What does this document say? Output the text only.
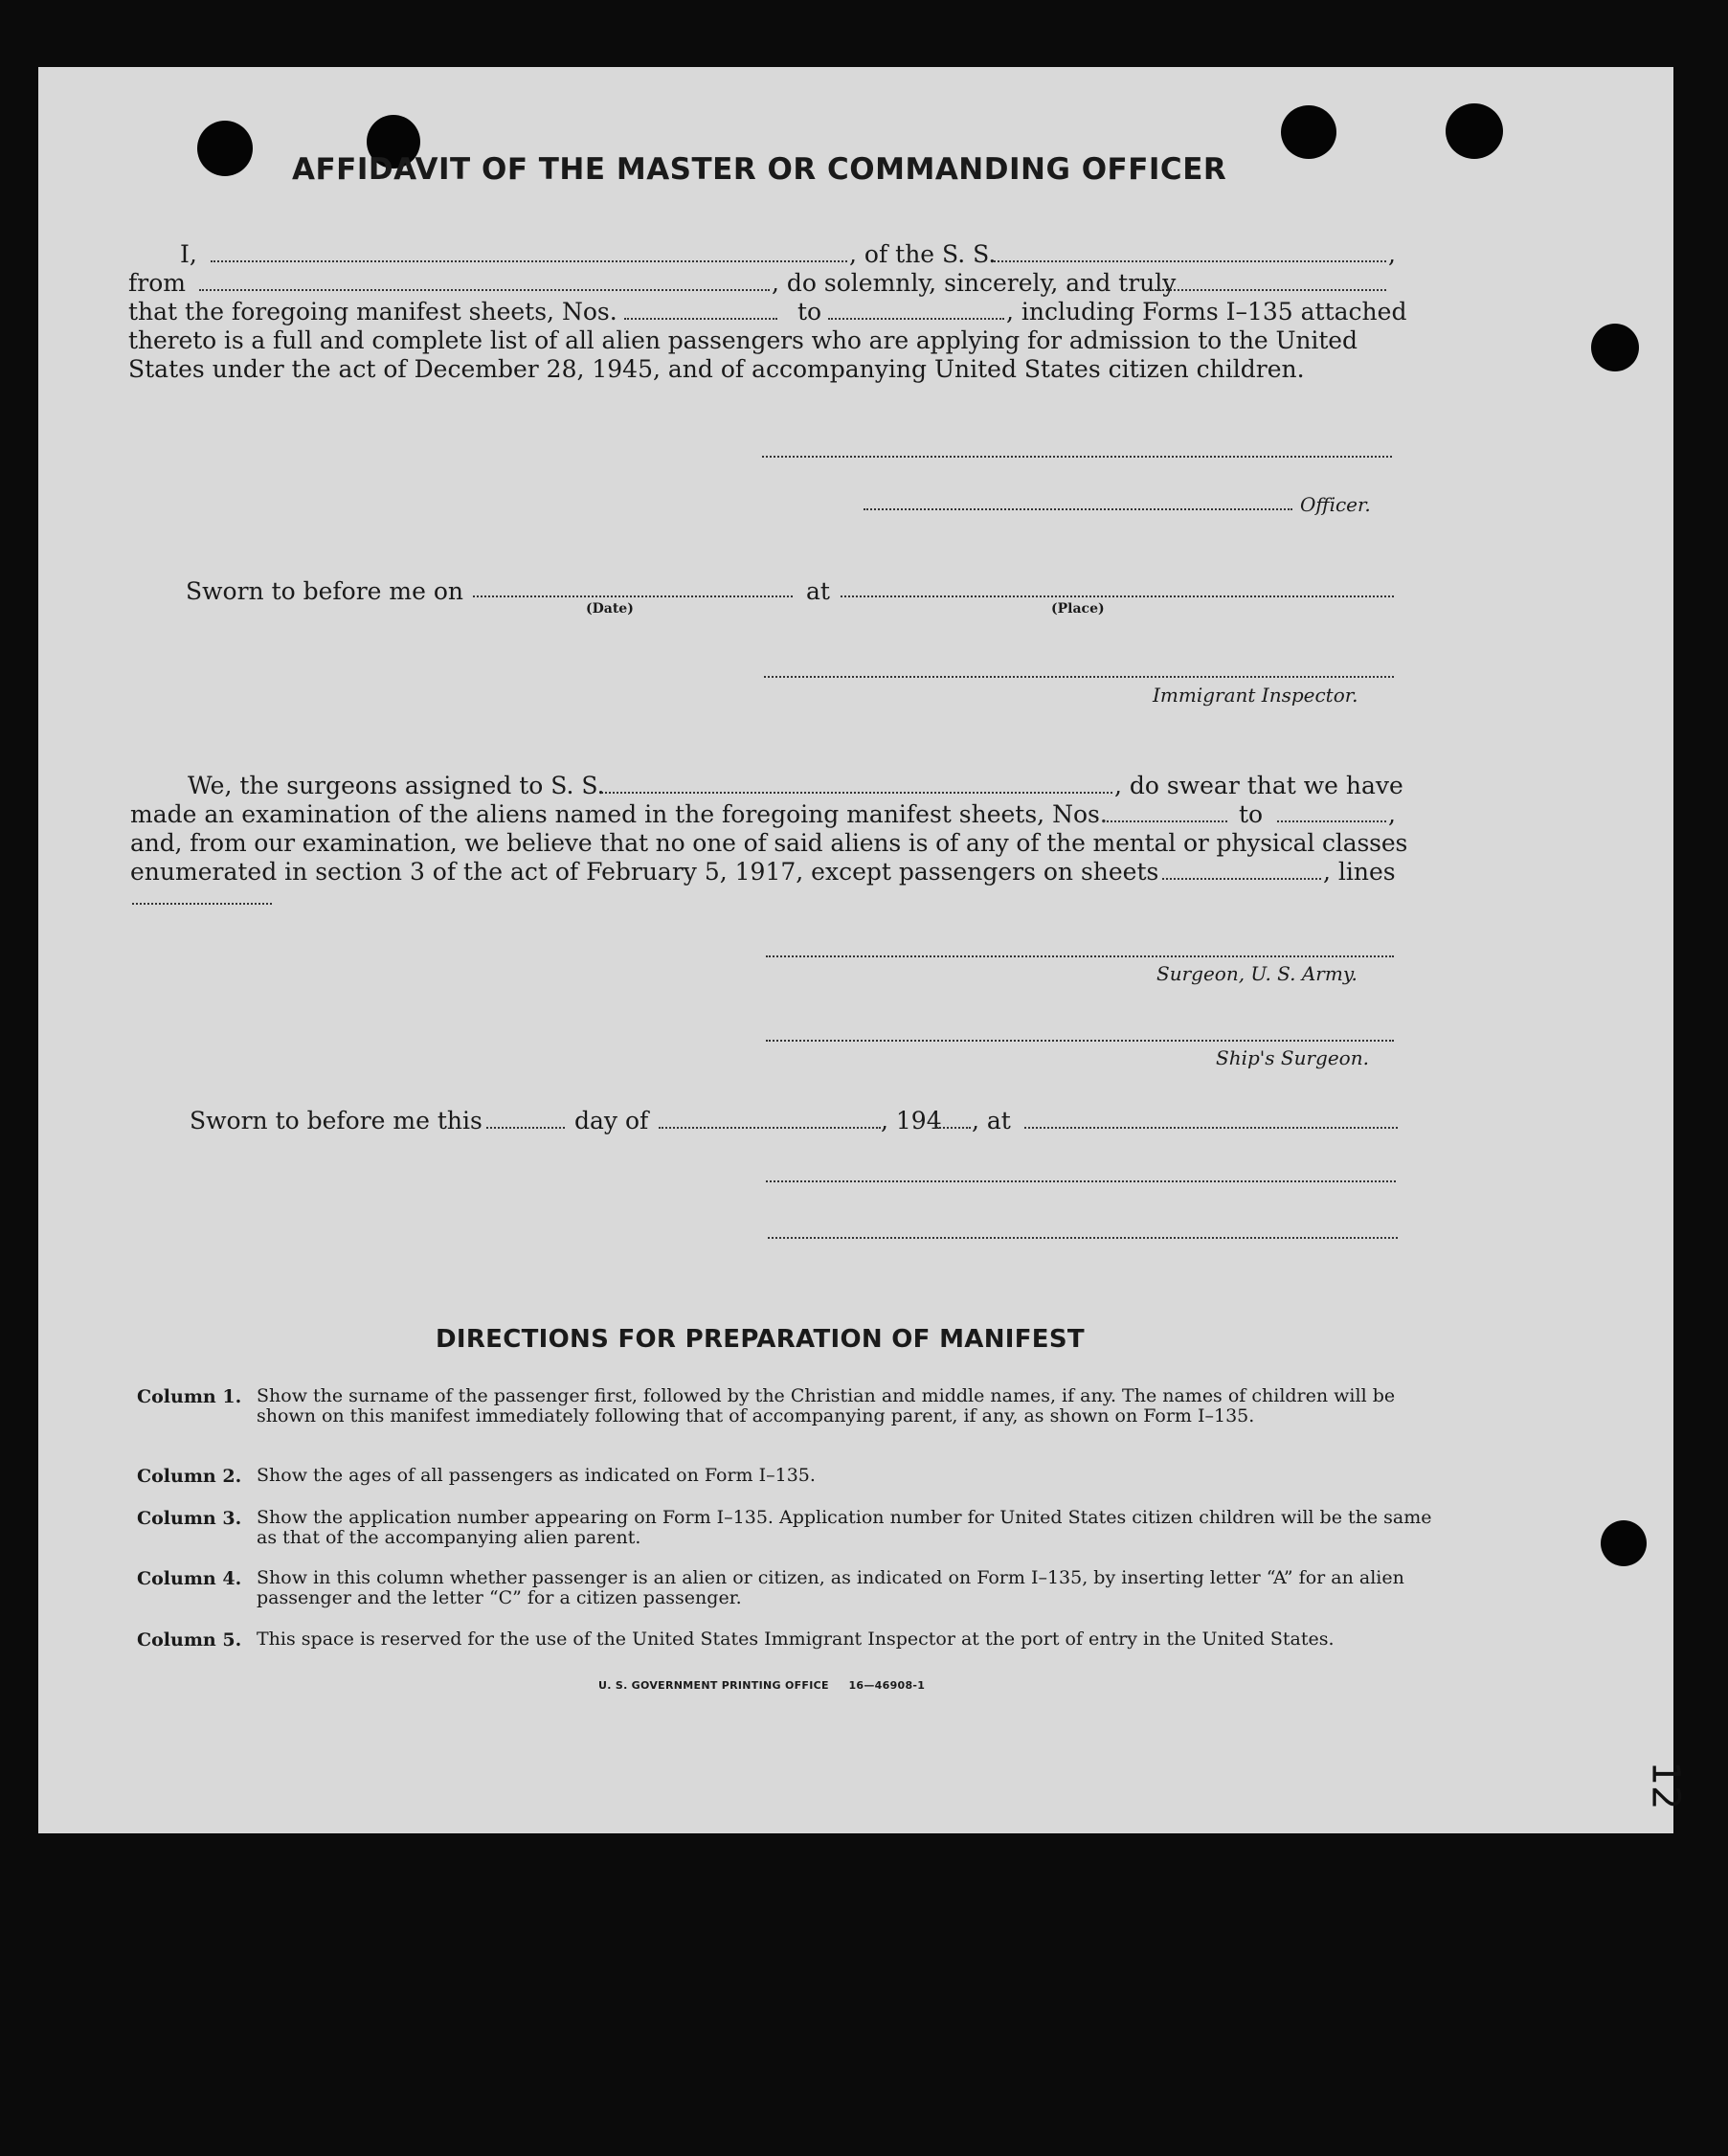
AFFIDAVIT OF THE MASTER OR COMMANDING OFFICER
I,	, of the S. S.	,
from	, do solemnly, sincerely, and truly
that the foregoing manifest sheets, Nos.	to	, including Forms I–135 attached
thereto is a full and complete list of all alien passengers who are applying for admission to the United
States under the act of December 28, 1945, and of accompanying United States citizen children.
Officer.
Sworn to before me on
(Date)
at
(Place)
Immigrant Inspector.
We, the surgeons assigned to S. S.	, do swear that we have
made an examination of the aliens named in the foregoing manifest sheets, Nos.	to	,
and, from our examination, we believe that no one of said aliens is of any of the mental or physical classes
enumerated in section 3 of the act of February 5, 1917, except passengers on sheets	, lines
Surgeon, U. S. Army.
Ship's Surgeon.
Sworn to before me this	day of	, 194 , at
DIRECTIONS FOR PREPARATION OF MANIFEST
Column 1. Show the surname of the passenger first, followed by the Christian and middle names, if any. The names of children will be shown on this manifest immediately following that of accompanying parent, if any, as shown on Form I–135.
Column 2. Show the ages of all passengers as indicated on Form I–135.
Column 3. Show the application number appearing on Form I–135. Application number for United States citizen children will be the same as that of the accompanying alien parent.
Column 4. Show in this column whether passenger is an alien or citizen, as indicated on Form I–135, by inserting letter “A” for an alien passenger and the letter “C” for a citizen passenger.
Column 5. This space is reserved for the use of the United States Immigrant Inspector at the port of entry in the United States.
U. S. GOVERNMENT PRINTING OFFICE     16—46908-1
12
